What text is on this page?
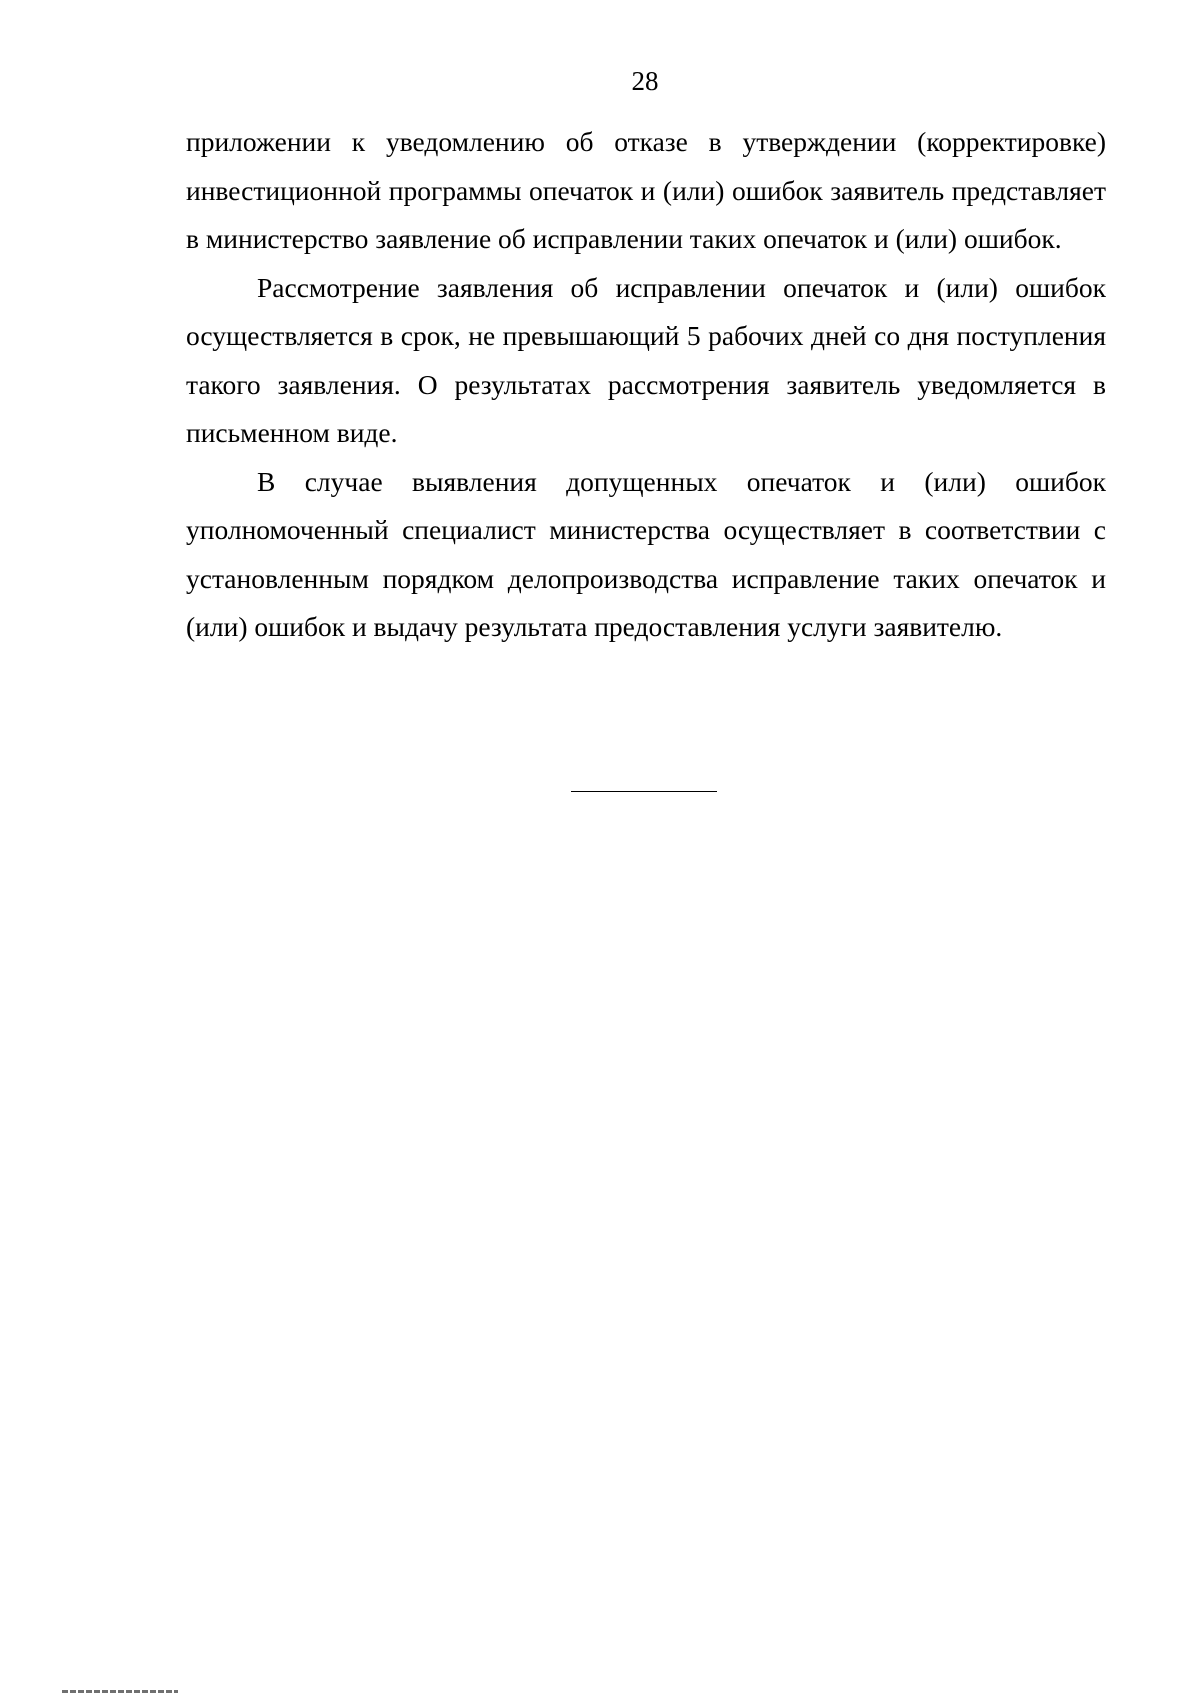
28

приложении к уведомлению об отказе в утверждении (корректировке) инвестиционной программы опечаток и (или) ошибок заявитель представляет в министерство заявление об исправлении таких опечаток и (или) ошибок.

Рассмотрение заявления об исправлении опечаток и (или) ошибок осуществляется в срок, не превышающий 5 рабочих дней со дня поступления такого заявления. О результатах рассмотрения заявитель уведомляется в письменном виде.

В случае выявления допущенных опечаток и (или) ошибок уполномоченный специалист министерства осуществляет в соответствии с установленным порядком делопроизводства исправление таких опечаток и (или) ошибок и выдачу результата предоставления услуги заявителю.
